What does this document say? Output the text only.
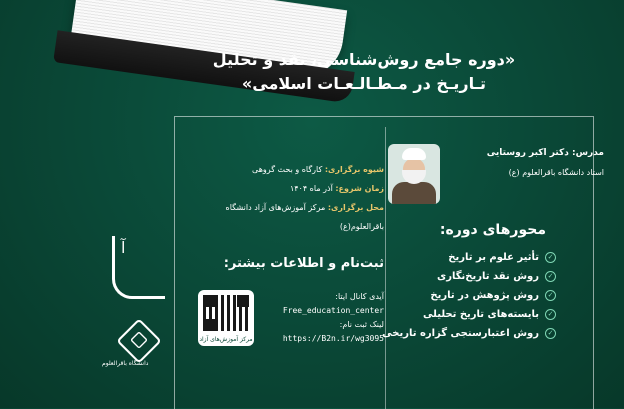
«دوره جامع روش‌شناسی، نقد و تحلیل
تـاریـخ در مـطـالـعـات اسلامی»
مدرس: دکتر اکبر روستایی
استاد دانشگاه باقرالعلوم (ع)
محورهای دوره:
✓
تأثیر علوم بر تاریخ
✓
روش نقد تاریخ‌نگاری
✓
روش پژوهش در تاریخ
✓
بایسته‌های تاریخ تحلیلی
✓
روش اعتبارسنجی گزاره تاریخی
شیوه برگزاری: کارگاه و بحث گروهی
زمان شروع: آذر ماه ۱۴۰۴
محل برگزاری: مرکز آموزش‌های آزاد دانشگاه باقرالعلوم(ع)
ثبت‌نام و اطلاعات بیشتر:
آیدی کانال ایتا:
Free_education_center
لینک ثبت نام:
https://B2n.ir/wg3095
مرکز آموزش‌های آزاد
آ
دانشگاه باقرالعلوم
